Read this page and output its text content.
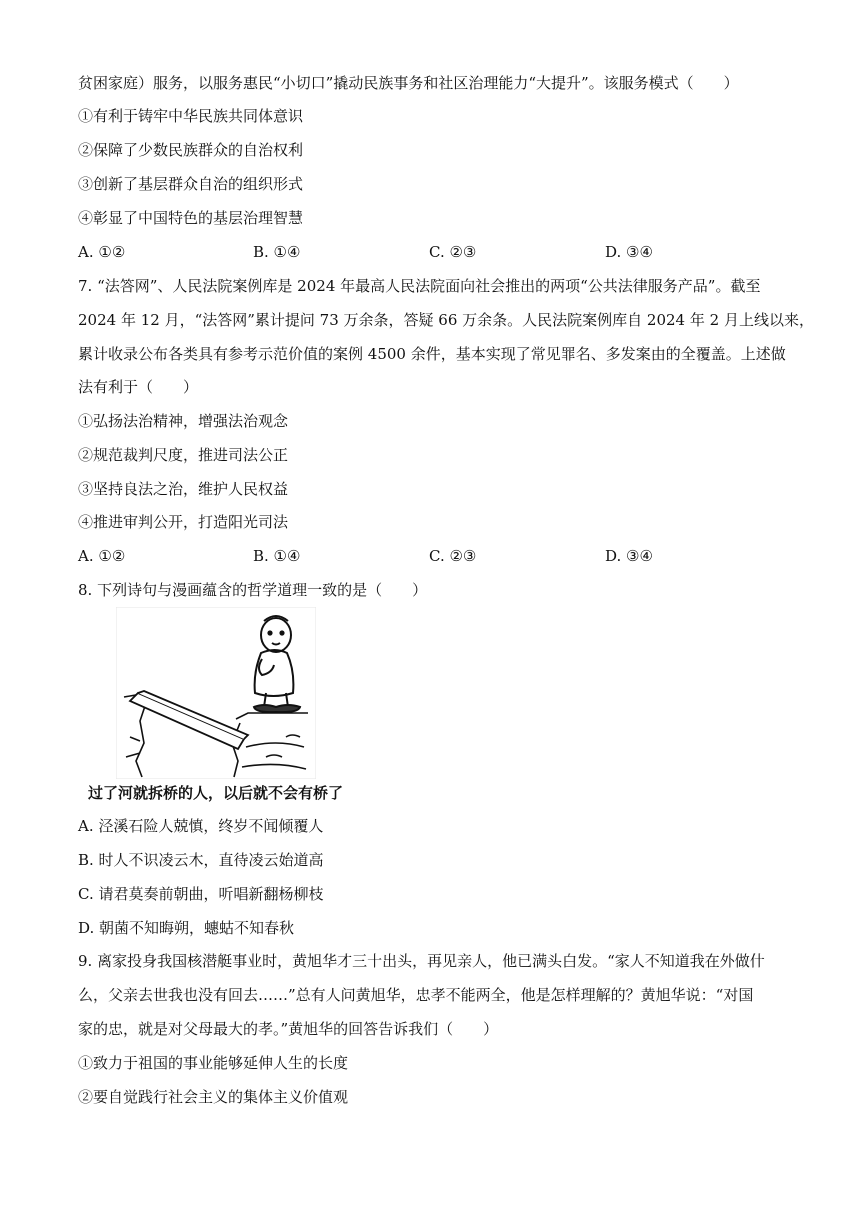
贫困家庭）服务，以服务惠民“小切口”撬动民族事务和社区治理能力“大提升”。该服务模式（　　）
①有利于铸牢中华民族共同体意识
②保障了少数民族群众的自治权利
③创新了基层群众自治的组织形式
④彰显了中国特色的基层治理智慧
A. ①②	B. ①④	C. ②③	D. ③④
7. “法答网”、人民法院案例库是 2024 年最高人民法院面向社会推出的两项“公共法律服务产品”。截至
2024 年 12 月，“法答网”累计提问 73 万余条，答疑 66 万余条。人民法院案例库自 2024 年 2 月上线以来，
累计收录公布各类具有参考示范价值的案例 4500 余件，基本实现了常见罪名、多发案由的全覆盖。上述做
法有利于（　　）
①弘扬法治精神，增强法治观念
②规范裁判尺度，推进司法公正
③坚持良法之治，维护人民权益
④推进审判公开，打造阳光司法
A. ①②	B. ①④	C. ②③	D. ③④
8. 下列诗句与漫画蕴含的哲学道理一致的是（　　）
过了河就拆桥的人，以后就不会有桥了
A. 泾溪石险人兢慎，终岁不闻倾覆人
B. 时人不识凌云木，直待凌云始道高
C. 请君莫奏前朝曲，听唱新翻杨柳枝
D. 朝菌不知晦朔，蟪蛄不知春秋
9. 离家投身我国核潜艇事业时，黄旭华才三十出头，再见亲人，他已满头白发。“家人不知道我在外做什
么，父亲去世我也没有回去……”总有人问黄旭华，忠孝不能两全，他是怎样理解的？黄旭华说：“对国
家的忠，就是对父母最大的孝。”黄旭华的回答告诉我们（　　）
①致力于祖国的事业能够延伸人生的长度
②要自觉践行社会主义的集体主义价值观
